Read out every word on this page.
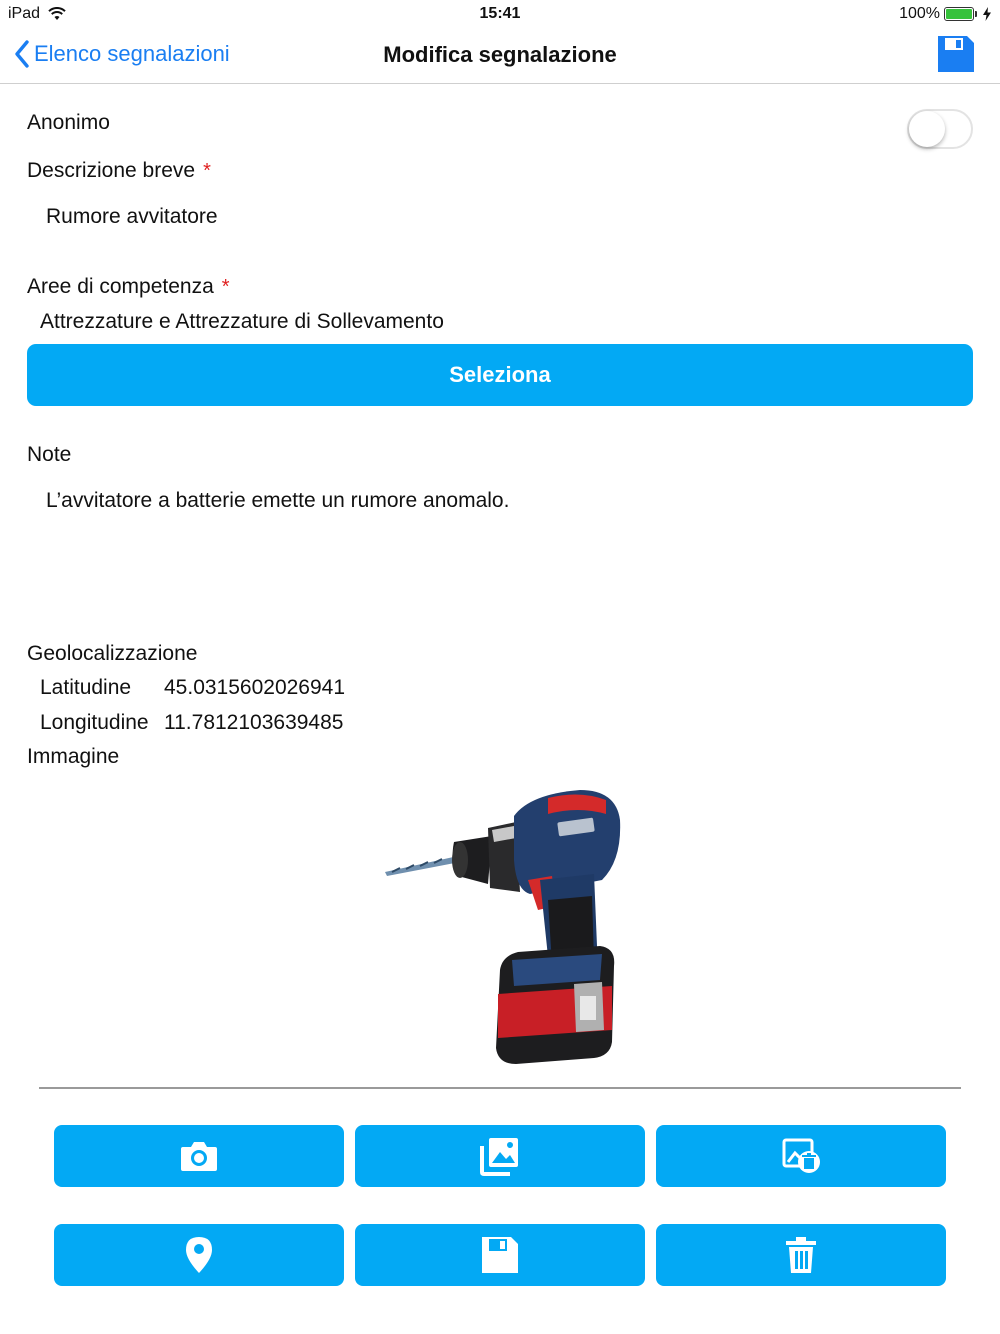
iPad	15:41	100%
Elenco segnalazioni	Modifica segnalazione
Anonimo
Descrizione breve *
Rumore avvitatore
Aree di competenza *
Attrezzature e Attrezzature di Sollevamento
Seleziona
Note
L’avvitatore a batterie emette un rumore anomalo.
Geolocalizzazione
Latitudine 45.0315602026941
Longitudine 11.7812103639485
Immagine
